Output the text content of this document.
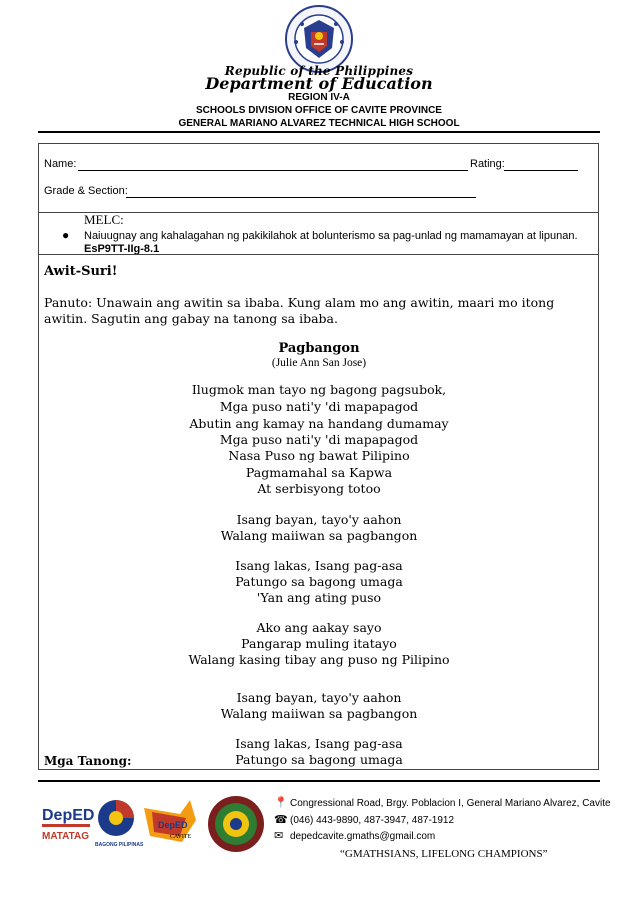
Republic of the Philippines
Department of Education
REGION IV-A
SCHOOLS DIVISION OFFICE OF CAVITE PROVINCE
GENERAL MARIANO ALVAREZ TECHNICAL HIGH SCHOOL
Name:	Rating:
Grade & Section:
MELC:
● Naiuugnay ang kahalagahan ng pakikilahok at bolunterismo sa pag-unlad ng mamamayan at lipunan.
EsP9TT-IIg-8.1
Awit-Suri!
Panuto: Unawain ang awitin sa ibaba. Kung alam mo ang awitin, maari mo itong awitin. Sagutin ang gabay na tanong sa ibaba.
Pagbangon
(Julie Ann San Jose)
Ilugmok man tayo ng bagong pagsubok,
Mga puso nati'y 'di mapapagod
Abutin ang kamay na handang dumamay
Mga puso nati'y 'di mapapagod
Nasa Puso ng bawat Pilipino
Pagmamahal sa Kapwa
At serbisyong totoo
Isang bayan, tayo'y aahon
Walang maiiwan sa pagbangon
Isang lakas, Isang pag-asa
Patungo sa bagong umaga
'Yan ang ating puso
Ako ang aakay sayo
Pangarap muling itatayo
Walang kasing tibay ang puso ng Pilipino
Isang bayan, tayo'y aahon
Walang maiiwan sa pagbangon
Isang lakas, Isang pag-asa
Patungo sa bagong umaga
Mga Tanong:
DepED
MATATAG
BAGONG PILIPINAS
DepED
CAVITE
📍 Congressional Road, Brgy. Poblacion I, General Mariano Alvarez, Cavite
☎ (046) 443-9890, 487-3947, 487-1912
✉ depedcavite.gmaths@gmail.com
“GMATHSIANS, LIFELONG CHAMPIONS”
